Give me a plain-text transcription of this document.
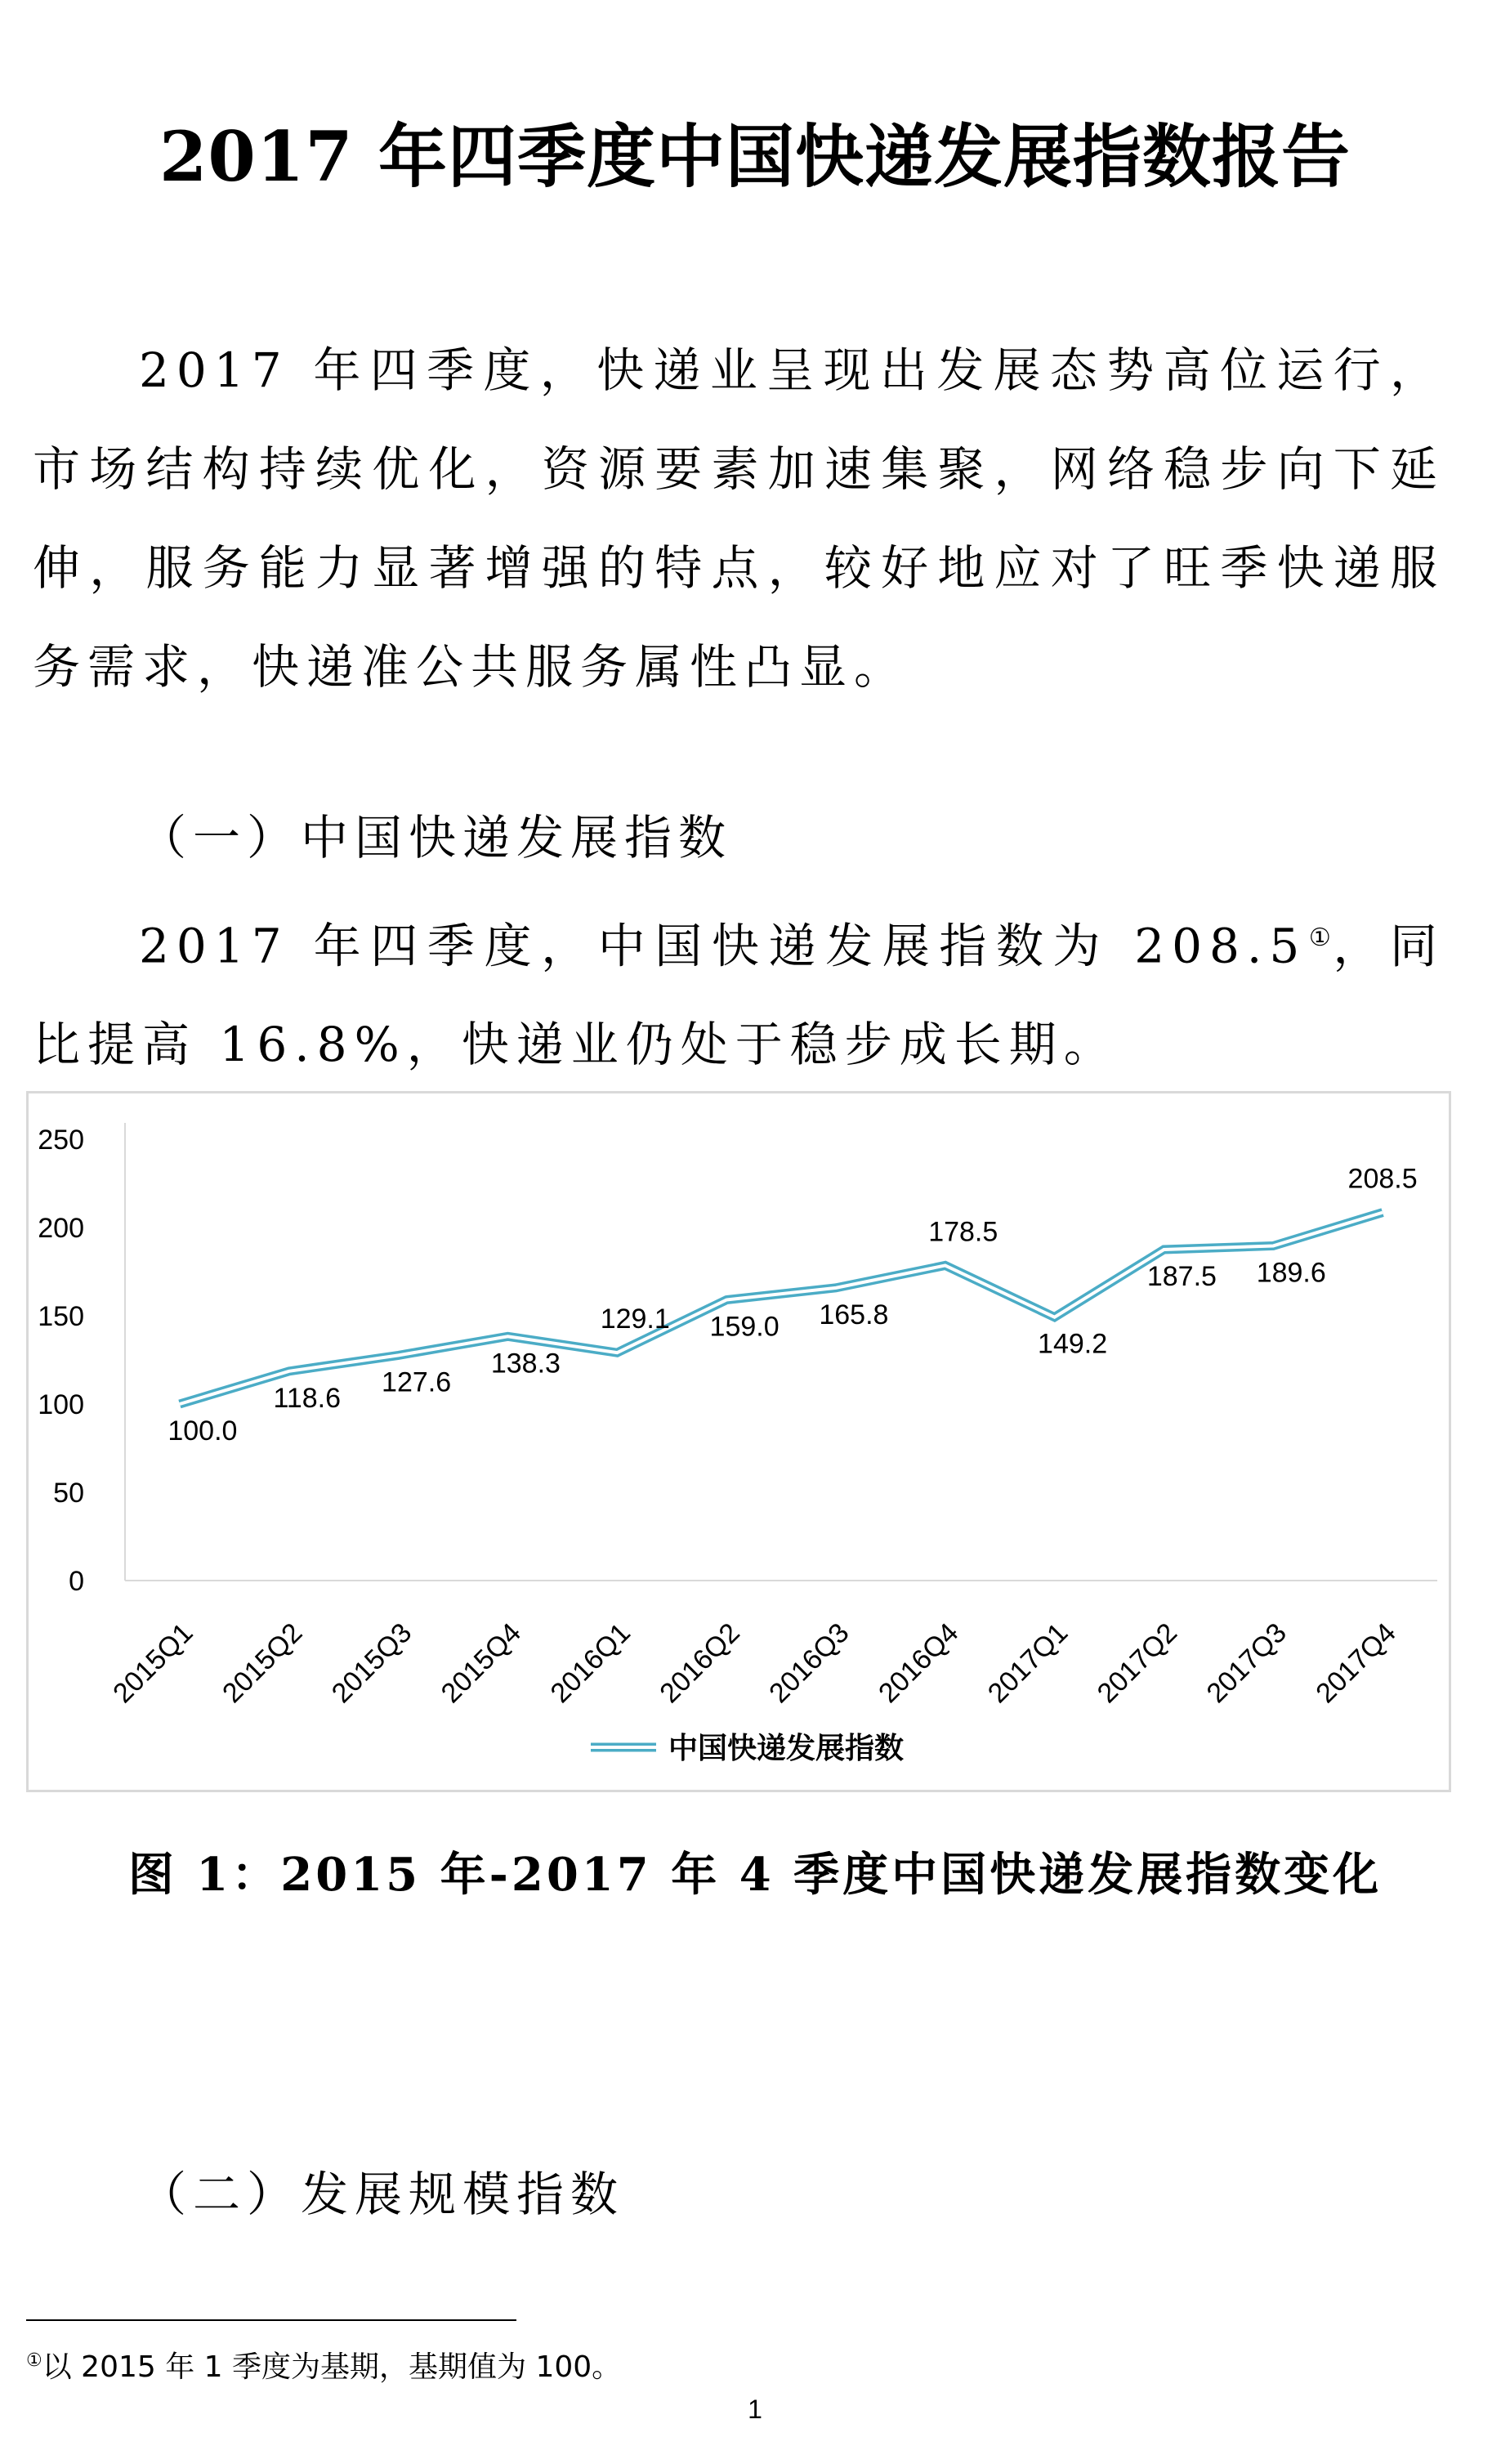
2017 年四季度中国快递发展指数报告

2017 年四季度，快递业呈现出发展态势高位运行，市场结构持续优化，资源要素加速集聚，网络稳步向下延伸，服务能力显著增强的特点，较好地应对了旺季快递服务需求，快递准公共服务属性凸显。

（一）中国快递发展指数

2017 年四季度，中国快递发展指数为 208.5①，同比提高 16.8%，快递业仍处于稳步成长期。

250
200
150
100
50
0
100.0
118.6
127.6
138.3
129.1 159.0 165.8
178.5
149.2
187.5 189.6
208.5
2015Q1 2015Q2 2015Q3 2015Q4 2016Q1 2016Q2 2016Q3 2016Q4 2017Q1 2017Q2 2017Q3 2017Q4
中国快递发展指数
图 1：2015 年-2017 年 4 季度中国快递发展指数变化
（二）发展规模指数
①以 2015 年 1 季度为基期，基期值为 100。
1
